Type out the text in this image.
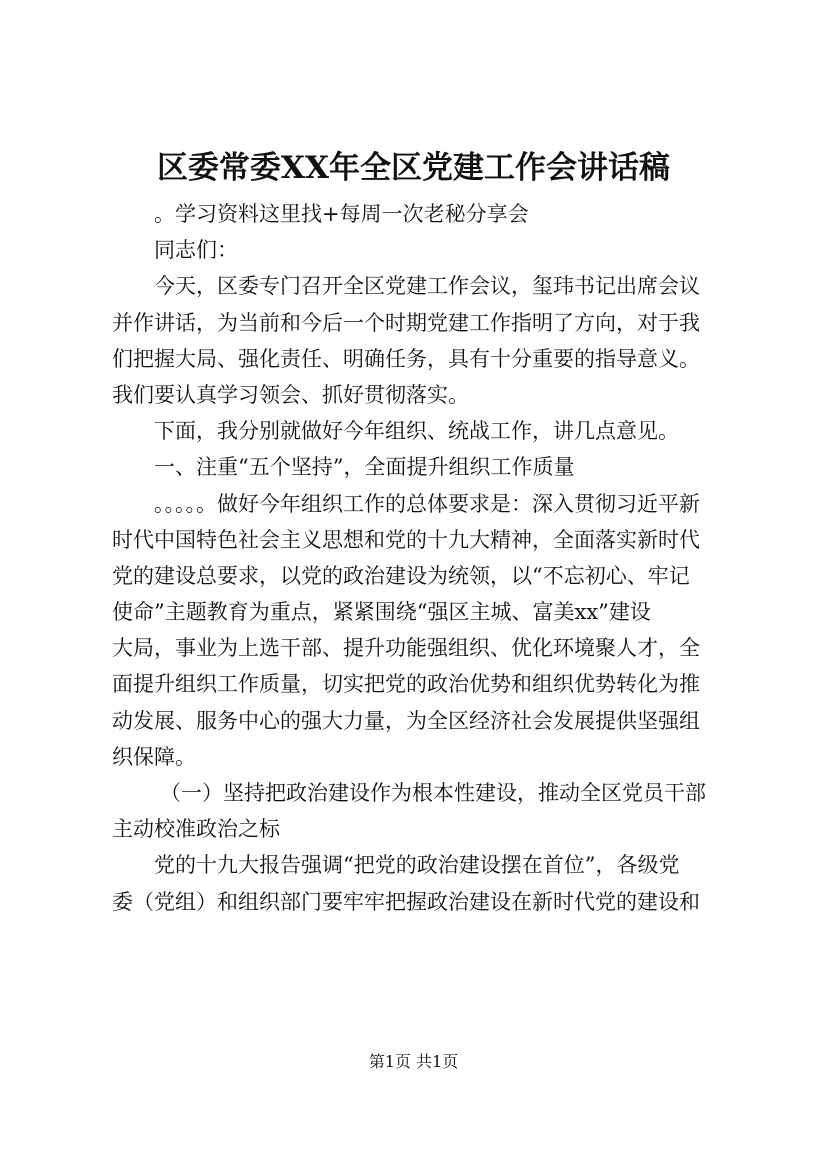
区委常委XX年全区党建工作会讲话稿
。学习资料这里找+每周一次老秘分享会
同志们：
今天，区委专门召开全区党建工作会议，玺玮书记出席会议
并作讲话，为当前和今后一个时期党建工作指明了方向，对于我
们把握大局、强化责任、明确任务，具有十分重要的指导意义。
我们要认真学习领会、抓好贯彻落实。
下面，我分别就做好今年组织、统战工作，讲几点意见。
一、注重“五个坚持”，全面提升组织工作质量
。。。。。做好今年组织工作的总体要求是：深入贯彻习近平新
时代中国特色社会主义思想和党的十九大精神，全面落实新时代
党的建设总要求，以党的政治建设为统领，以“不忘初心、牢记
使命”主题教育为重点，紧紧围绕“强区主城、富美xx”建设
大局，事业为上选干部、提升功能强组织、优化环境聚人才，全
面提升组织工作质量，切实把党的政治优势和组织优势转化为推
动发展、服务中心的强大力量，为全区经济社会发展提供坚强组
织保障。
（一）坚持把政治建设作为根本性建设，推动全区党员干部
主动校准政治之标
党的十九大报告强调“把党的政治建设摆在首位”，各级党
委（党组）和组织部门要牢牢把握政治建设在新时代党的建设和
第1页 共1页
